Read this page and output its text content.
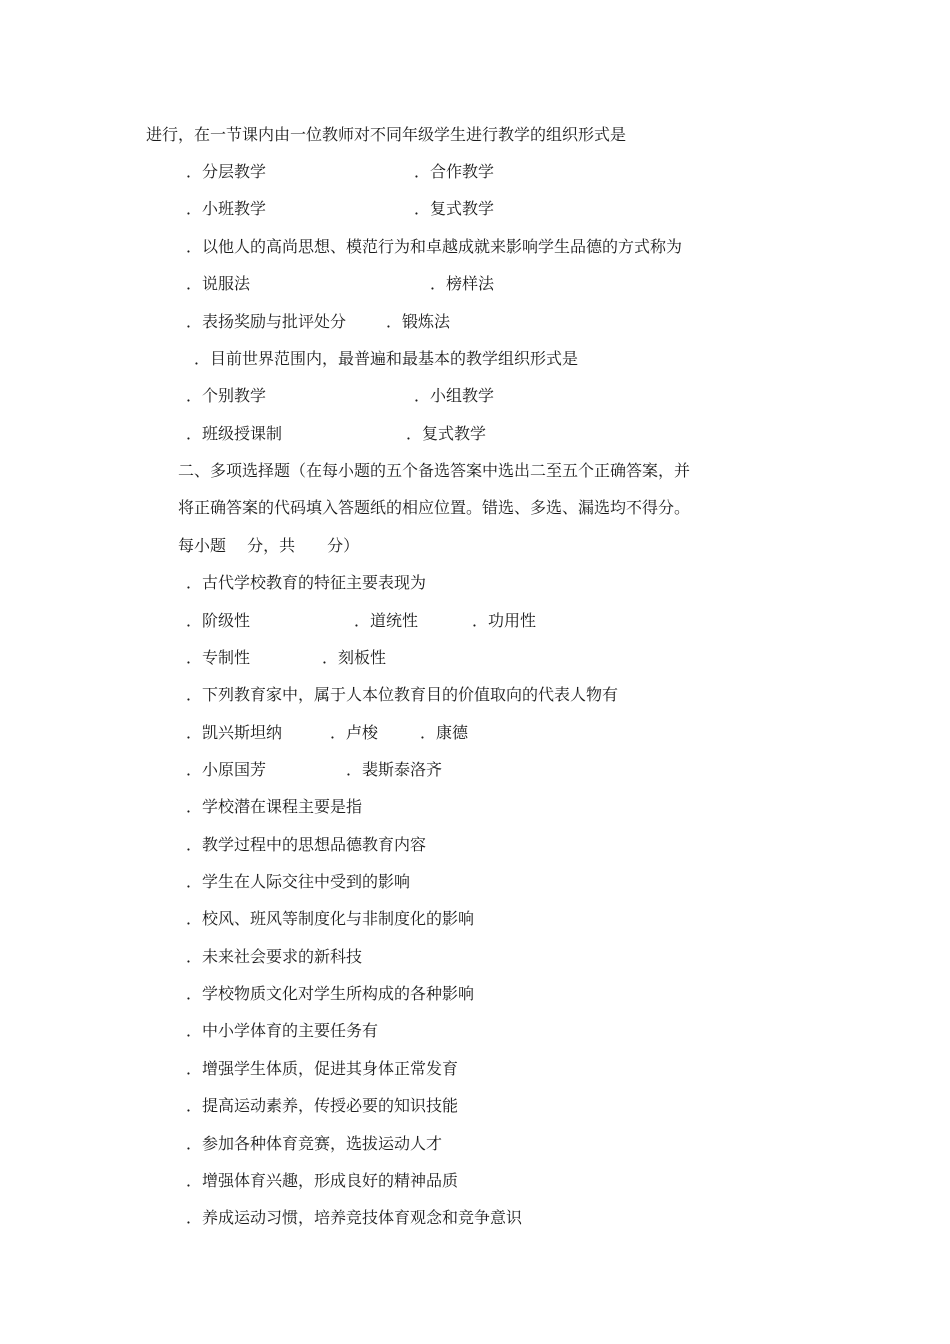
进行，在一节课内由一位教师对不同年级学生进行教学的组织形式是
．分层教学	．合作教学
．小班教学	．复式教学
．以他人的高尚思想、模范行为和卓越成就来影响学生品德的方式称为
．说服法	．榜样法
．表扬奖励与批评处分 ．锻炼法
．目前世界范围内，最普遍和最基本的教学组织形式是
．个别教学	．小组教学
．班级授课制	．复式教学
二、多项选择题（在每小题的五个备选答案中选出二至五个正确答案，并
将正确答案的代码填入答题纸的相应位置。错选、多选、漏选均不得分。
每小题　 分，共　　分）
．古代学校教育的特征主要表现为
．阶级性	．道统性	．功用性
．专制性	．刻板性
．下列教育家中，属于人本位教育目的价值取向的代表人物有
．凯兴斯坦纳	．卢梭	．康德
．小原国芳	．裴斯泰洛齐
．学校潜在课程主要是指
．教学过程中的思想品德教育内容
．学生在人际交往中受到的影响
．校风、班风等制度化与非制度化的影响
．未来社会要求的新科技
．学校物质文化对学生所构成的各种影响
．中小学体育的主要任务有
．增强学生体质，促进其身体正常发育
．提高运动素养，传授必要的知识技能
．参加各种体育竞赛，选拔运动人才
．增强体育兴趣，形成良好的精神品质
．养成运动习惯，培养竞技体育观念和竞争意识
